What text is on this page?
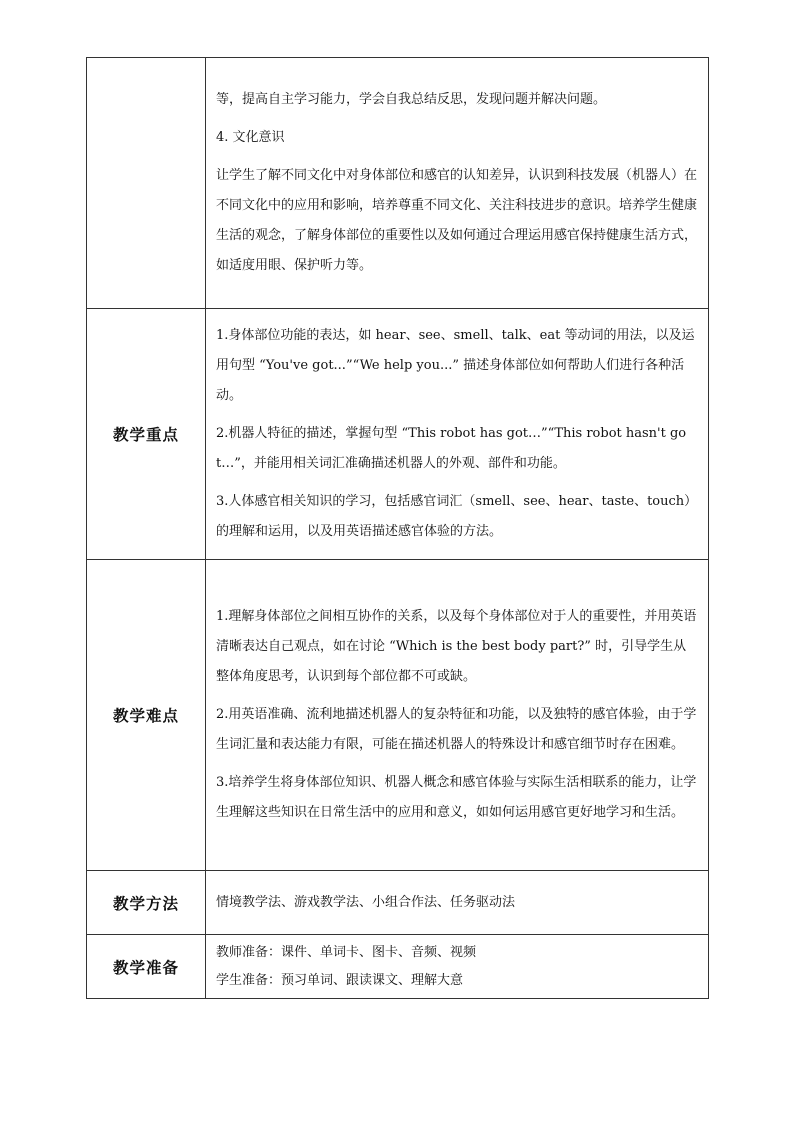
	等，提高自主学习能力，学会自我总结反思，发现问题并解决问题。

4. 文化意识

让学生了解不同文化中对身体部位和感官的认知差异，认识到科技发展（机器人）在不同文化中的应用和影响，培养尊重不同文化、关注科技进步的意识。培养学生健康生活的观念，了解身体部位的重要性以及如何通过合理运用感官保持健康生活方式，如适度用眼、保护听力等。

教学重点	1.身体部位功能的表达，如 hear、see、smell、talk、eat 等动词的用法，以及运用句型 “You've got...”“We help you...” 描述身体部位如何帮助人们进行各种活动。

2.机器人特征的描述，掌握句型 “This robot has got…”“This robot hasn't got…”，并能用相关词汇准确描述机器人的外观、部件和功能。

3.人体感官相关知识的学习，包括感官词汇（smell、see、hear、taste、touch）的理解和运用，以及用英语描述感官体验的方法。

教学难点	1.理解身体部位之间相互协作的关系，以及每个身体部位对于人的重要性，并用英语清晰表达自己观点，如在讨论 “Which is the best body part?” 时，引导学生从整体角度思考，认识到每个部位都不可或缺。

2.用英语准确、流利地描述机器人的复杂特征和功能，以及独特的感官体验，由于学生词汇量和表达能力有限，可能在描述机器人的特殊设计和感官细节时存在困难。

3.培养学生将身体部位知识、机器人概念和感官体验与实际生活相联系的能力，让学生理解这些知识在日常生活中的应用和意义，如如何运用感官更好地学习和生活。

教学方法	情境教学法、游戏教学法、小组合作法、任务驱动法

教学准备	教师准备：课件、单词卡、图卡、音频、视频

学生准备：预习单词、跟读课文、理解大意
